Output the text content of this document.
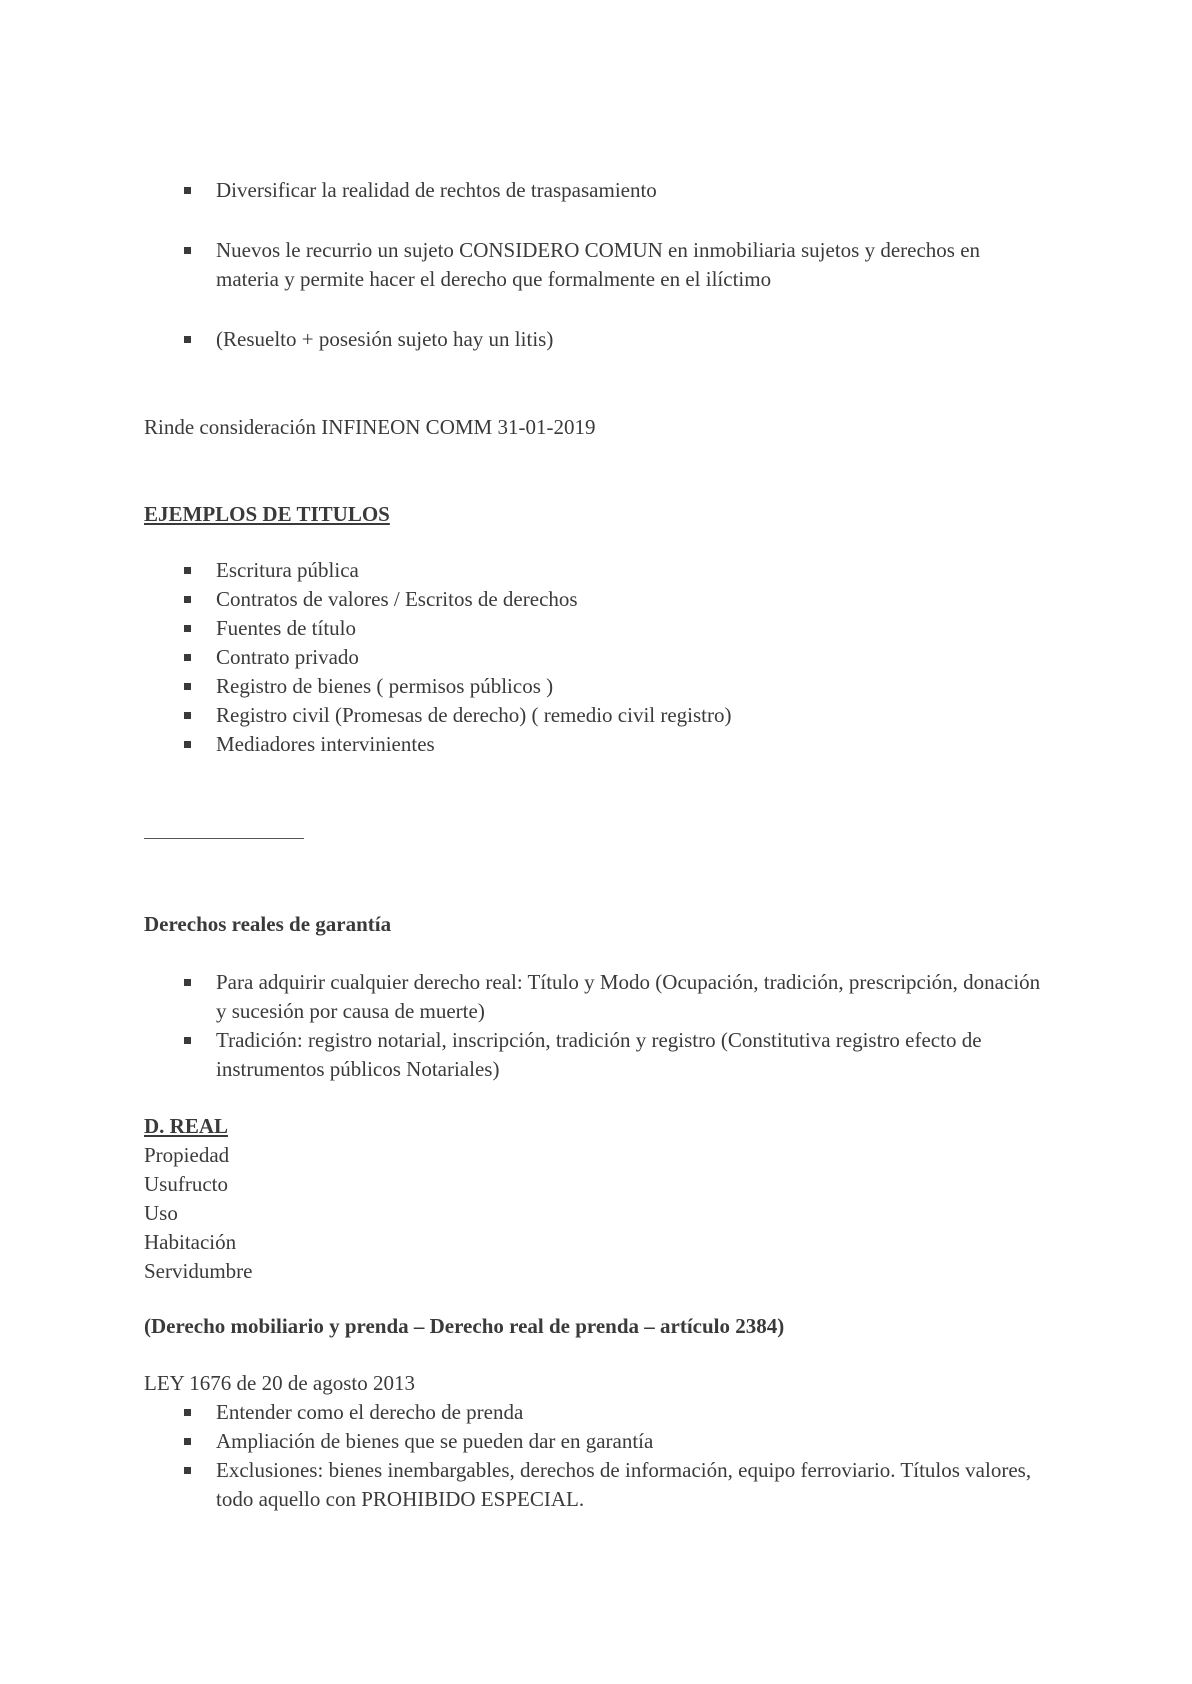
Diversificar la realidad de rechtos de traspasamiento
Nuevos le recurrio un sujeto CONSIDERO COMUN en inmobiliaria sujetos y derechos en materia y permite hacer el derecho que formalmente en el ilíctimo
(Resuelto + posesión sujeto hay un litis)
Rinde consideración INFINEON COMM 31-01-2019
EJEMPLOS DE TITULOS
Escritura pública
Contratos de valores / Escritos de derechos
Fuentes de título
Contrato privado
Registro de bienes ( permisos públicos )
Registro civil (Promesas de derecho) ( remedio civil registro)
Mediadores intervinientes
Derechos reales de garantía
Para adquirir cualquier derecho real: Título y Modo (Ocupación, tradición, prescripción, donación y sucesión por causa de muerte)
Tradición: registro notarial, inscripción, tradición y registro (Constitutiva registro efecto de instrumentos públicos Notariales)
D. REAL
Propiedad
Usufructo
Uso
Habitación
Servidumbre
(Derecho mobiliario y prenda – Derecho real de prenda – artículo 2384)
LEY 1676 de 20 de agosto 2013
Entender como el derecho de prenda
Ampliación de bienes que se pueden dar en garantía
Exclusiones: bienes inembargables, derechos de información, equipo ferroviario. Títulos valores, todo aquello con PROHIBIDO ESPECIAL.
